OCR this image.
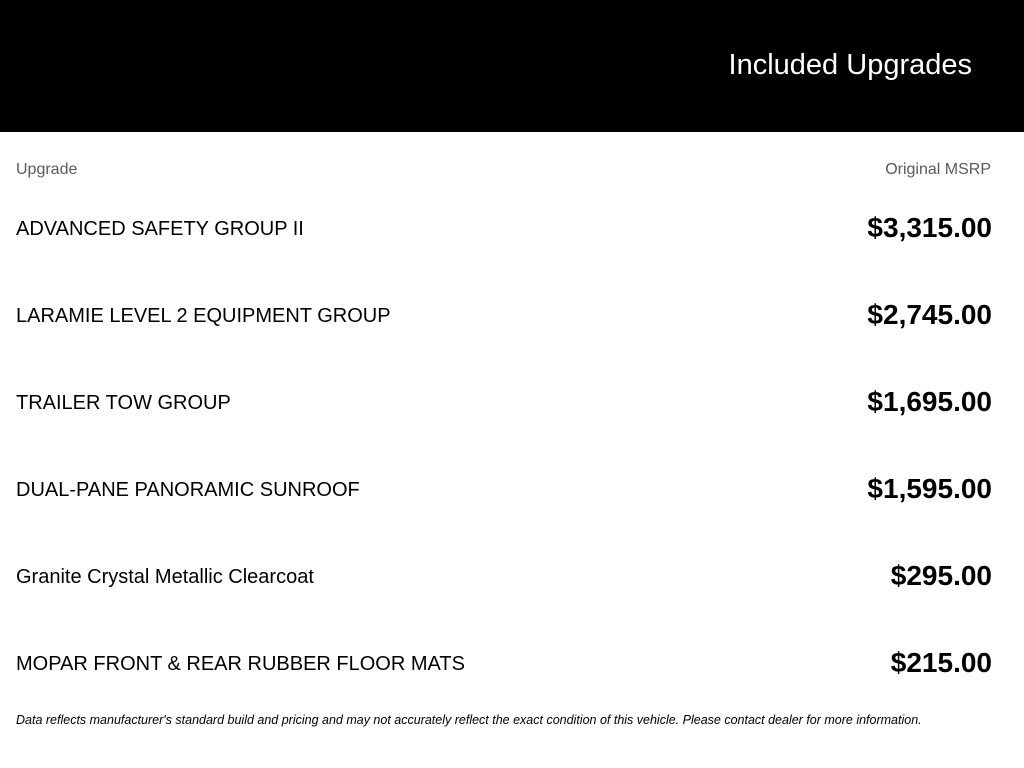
Included Upgrades
Upgrade	Original MSRP
ADVANCED SAFETY GROUP II	$3,315.00
LARAMIE LEVEL 2 EQUIPMENT GROUP	$2,745.00
TRAILER TOW GROUP	$1,695.00
DUAL-PANE PANORAMIC SUNROOF	$1,595.00
Granite Crystal Metallic Clearcoat	$295.00
MOPAR FRONT & REAR RUBBER FLOOR MATS	$215.00
Data reflects manufacturer's standard build and pricing and may not accurately reflect the exact condition of this vehicle. Please contact dealer for more information.
